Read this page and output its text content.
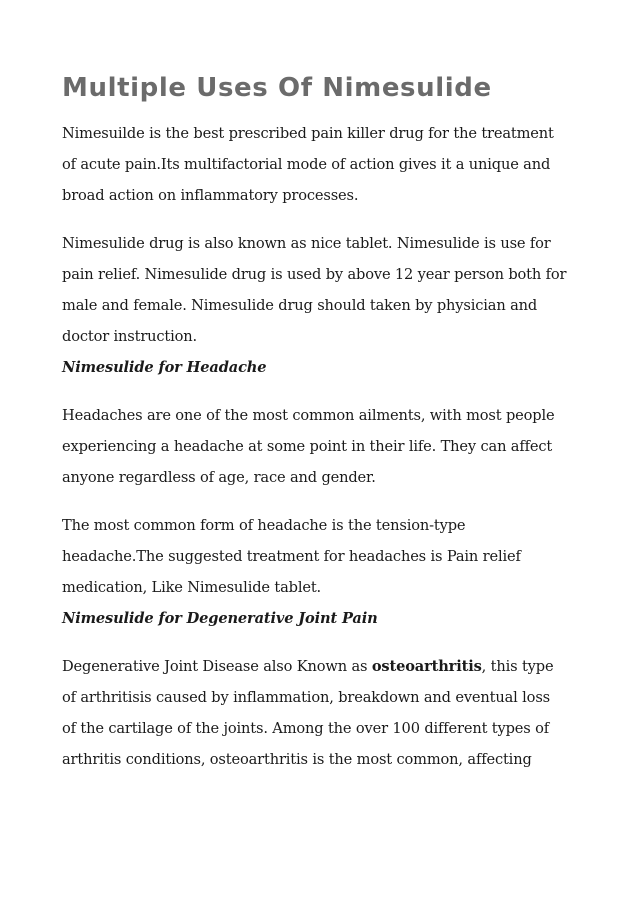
Multiple Uses Of Nimesulide

Nimesuilde is the best prescribed pain killer drug for the treatment
of acute pain.Its multifactorial mode of action gives it a unique and
broad action on inflammatory processes.

Nimesulide drug is also known as nice tablet. Nimesulide is use for
pain relief. Nimesulide drug is used by above 12 year person both for
male and female. Nimesulide drug should taken by physician and
doctor instruction.

Nimesulide for Headache

Headaches are one of the most common ailments, with most people
experiencing a headache at some point in their life. They can affect
anyone regardless of age, race and gender.

The most common form of headache is the tension-type
headache.The suggested treatment for headaches is Pain relief
medication, Like Nimesulide tablet.

Nimesulide for Degenerative Joint Pain

Degenerative Joint Disease also Known as osteoarthritis, this type
of arthritisis caused by inflammation, breakdown and eventual loss
of the cartilage of the joints. Among the over 100 different types of
arthritis conditions, osteoarthritis is the most common, affecting
